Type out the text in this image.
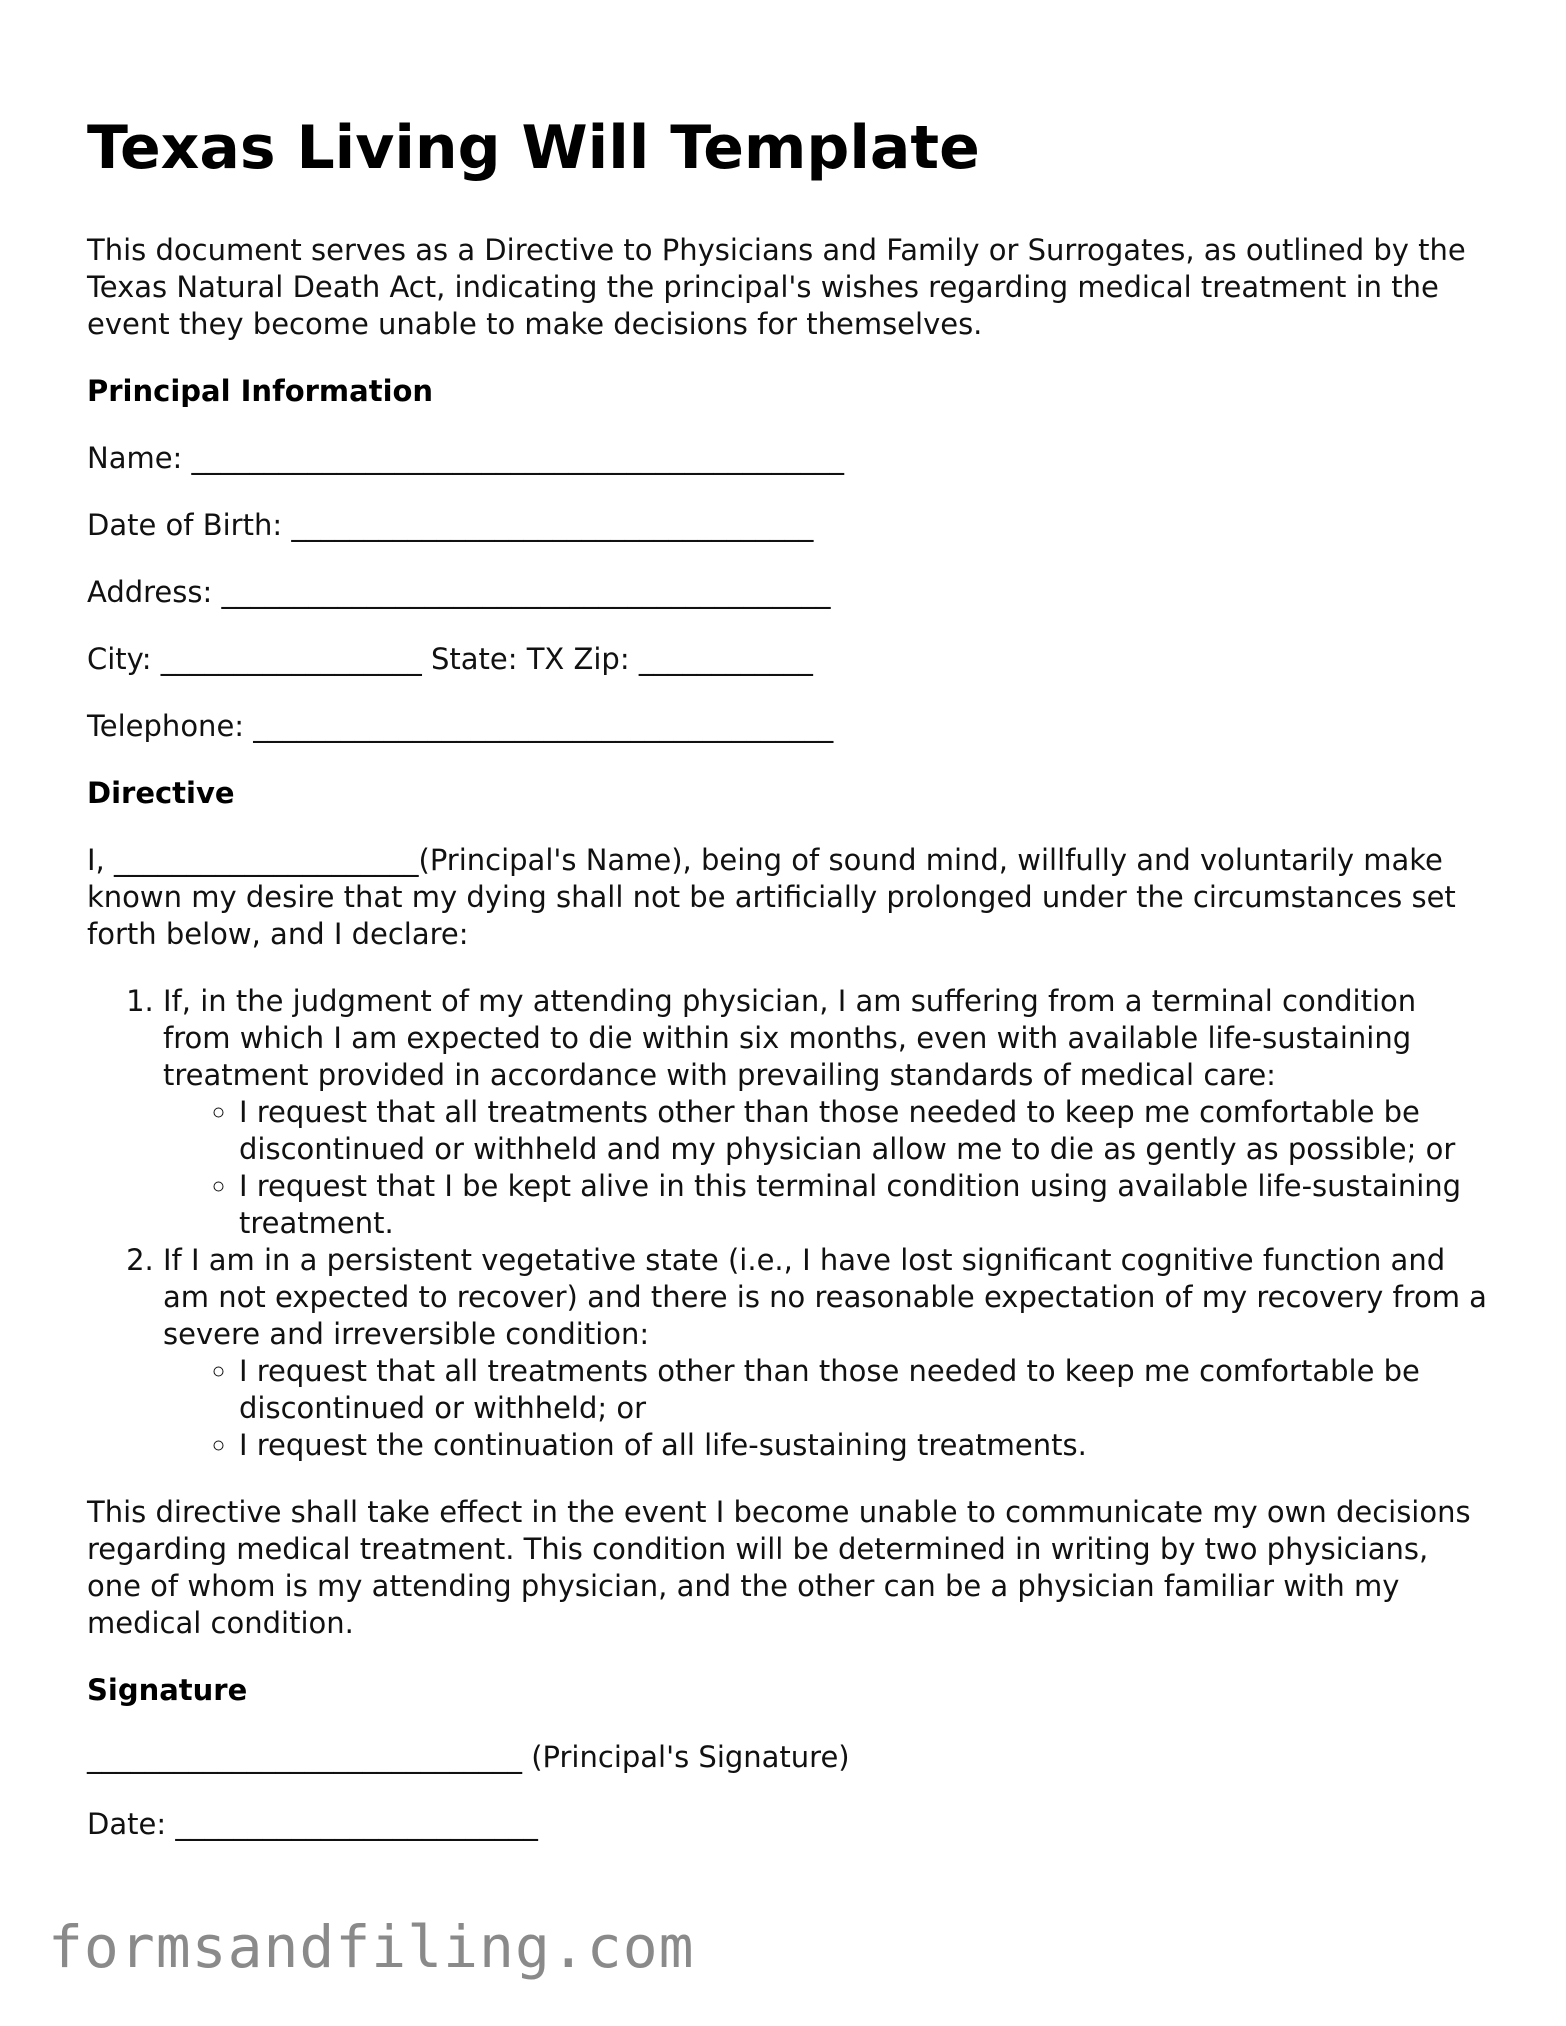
Texas Living Will Template

This document serves as a Directive to Physicians and Family or Surrogates, as outlined by the Texas Natural Death Act, indicating the principal's wishes regarding medical treatment in the event they become unable to make decisions for themselves.

Principal Information

Name: _____________________________________________

Date of Birth: ____________________________________

Address: __________________________________________

City: __________________ State: TX Zip: ____________

Telephone: ________________________________________

Directive

I, _____________________(Principal's Name), being of sound mind, willfully and voluntarily make known my desire that my dying shall not be artificially prolonged under the circumstances set forth below, and I declare:

1. If, in the judgment of my attending physician, I am suffering from a terminal condition from which I am expected to die within six months, even with available life-sustaining treatment provided in accordance with prevailing standards of medical care:
◦ I request that all treatments other than those needed to keep me comfortable be discontinued or withheld and my physician allow me to die as gently as possible; or
◦ I request that I be kept alive in this terminal condition using available life-sustaining treatment.
2. If I am in a persistent vegetative state (i.e., I have lost significant cognitive function and am not expected to recover) and there is no reasonable expectation of my recovery from a severe and irreversible condition:
◦ I request that all treatments other than those needed to keep me comfortable be discontinued or withheld; or
◦ I request the continuation of all life-sustaining treatments.

This directive shall take effect in the event I become unable to communicate my own decisions regarding medical treatment. This condition will be determined in writing by two physicians, one of whom is my attending physician, and the other can be a physician familiar with my medical condition.

Signature

______________________________ (Principal's Signature)

Date: _________________________

formsandfiling.com
